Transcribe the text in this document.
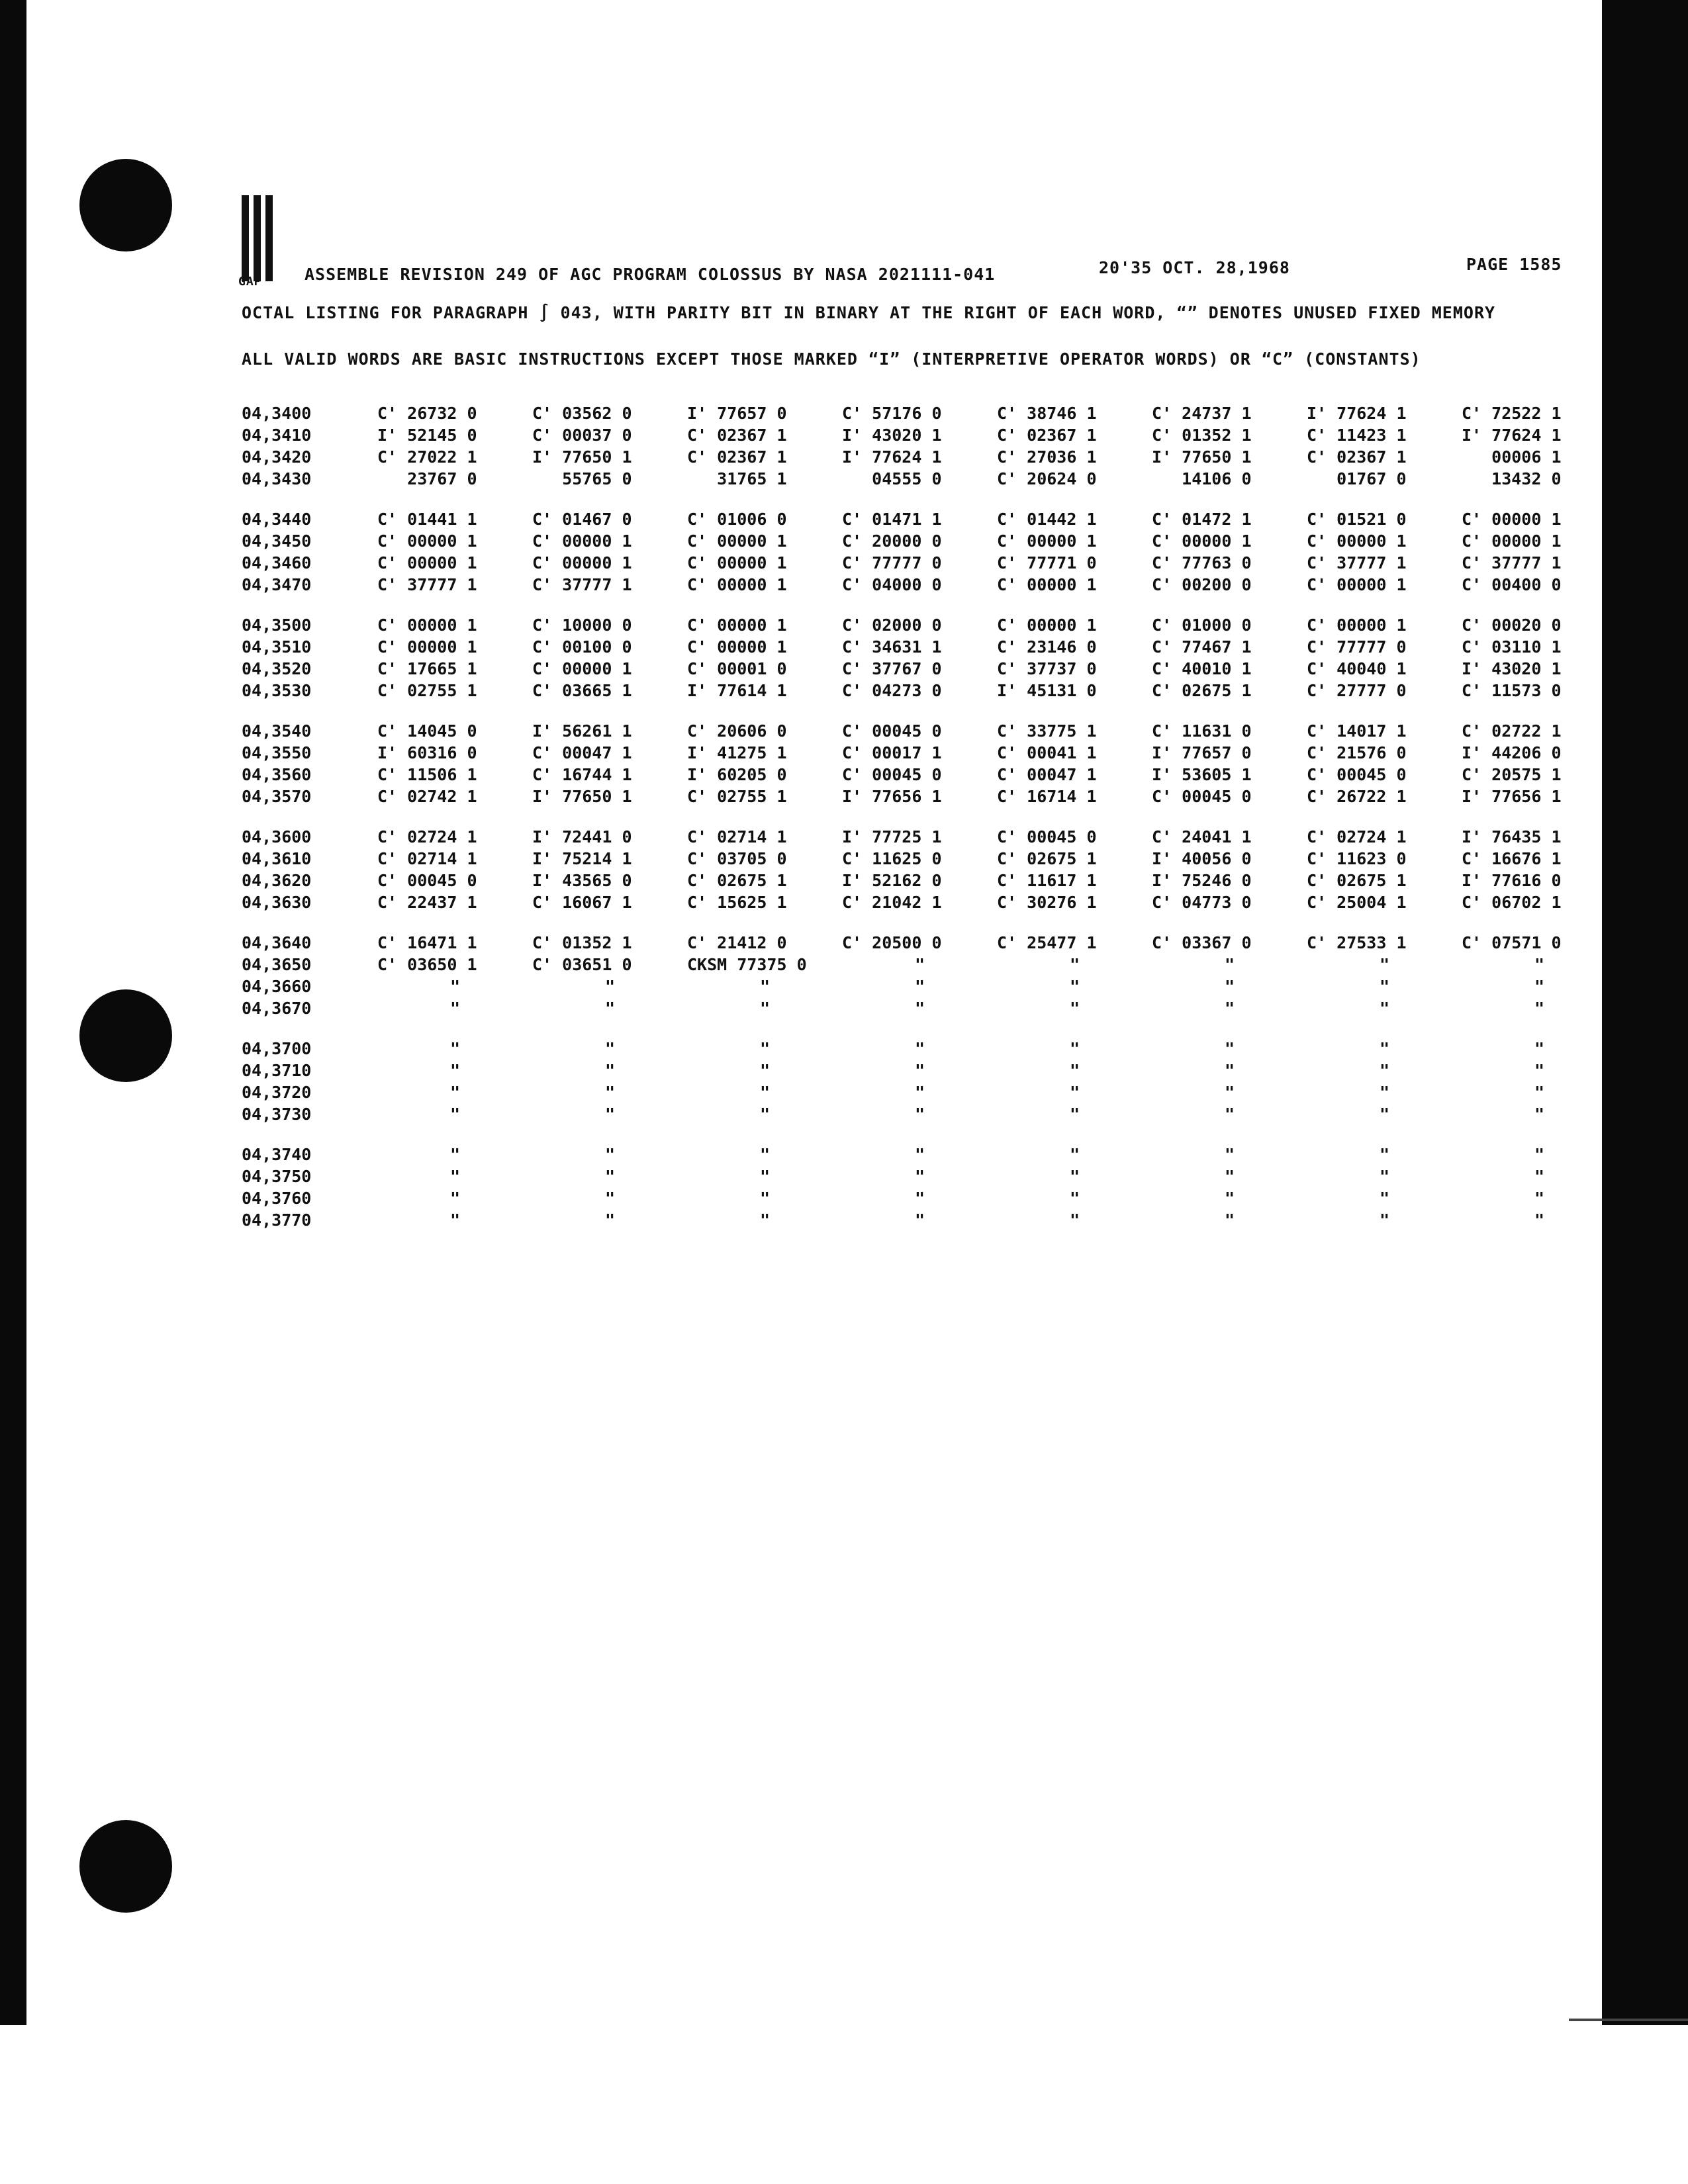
GAP	ASSEMBLE REVISION 249 OF AGC PROGRAM COLOSSUS BY NASA 2021111-041	20'35 OCT. 28,1968	PAGE 1585
OCTAL LISTING FOR PARAGRAPH ∫ 043, WITH PARITY BIT IN BINARY AT THE RIGHT OF EACH WORD, “” DENOTES UNUSED FIXED MEMORY
ALL VALID WORDS ARE BASIC INSTRUCTIONS EXCEPT THOSE MARKED “I” (INTERPRETIVE OPERATOR WORDS) OR “C” (CONSTANTS)
04,3400	C' 26732 0	C' 03562 0	I' 77657 0	C' 57176 0	C' 38746 1	C' 24737 1	I' 77624 1	C' 72522 1
04,3410	I' 52145 0	C' 00037 0	C' 02367 1	I' 43020 1	C' 02367 1	C' 01352 1	C' 11423 1	I' 77624 1
04,3420	C' 27022 1	I' 77650 1	C' 02367 1	I' 77624 1	C' 27036 1	I' 77650 1	C' 02367 1	00006 1
04,3430	23767 0	55765 0	31765 1	04555 0	C' 20624 0	14106 0	01767 0	13432 0
04,3440	C' 01441 1	C' 01467 0	C' 01006 0	C' 01471 1	C' 01442 1	C' 01472 1	C' 01521 0	C' 00000 1
04,3450	C' 00000 1	C' 00000 1	C' 00000 1	C' 20000 0	C' 00000 1	C' 00000 1	C' 00000 1	C' 00000 1
04,3460	C' 00000 1	C' 00000 1	C' 00000 1	C' 77777 0	C' 77771 0	C' 77763 0	C' 37777 1	C' 37777 1
04,3470	C' 37777 1	C' 37777 1	C' 00000 1	C' 04000 0	C' 00000 1	C' 00200 0	C' 00000 1	C' 00400 0
04,3500	C' 00000 1	C' 10000 0	C' 00000 1	C' 02000 0	C' 00000 1	C' 01000 0	C' 00000 1	C' 00020 0
04,3510	C' 00000 1	C' 00100 0	C' 00000 1	C' 34631 1	C' 23146 0	C' 77467 1	C' 77777 0	C' 03110 1
04,3520	C' 17665 1	C' 00000 1	C' 00001 0	C' 37767 0	C' 37737 0	C' 40010 1	C' 40040 1	I' 43020 1
04,3530	C' 02755 1	C' 03665 1	I' 77614 1	C' 04273 0	I' 45131 0	C' 02675 1	C' 27777 0	C' 11573 0
04,3540	C' 14045 0	I' 56261 1	C' 20606 0	C' 00045 0	C' 33775 1	C' 11631 0	C' 14017 1	C' 02722 1
04,3550	I' 60316 0	C' 00047 1	I' 41275 1	C' 00017 1	C' 00041 1	I' 77657 0	C' 21576 0	I' 44206 0
04,3560	C' 11506 1	C' 16744 1	I' 60205 0	C' 00045 0	C' 00047 1	I' 53605 1	C' 00045 0	C' 20575 1
04,3570	C' 02742 1	I' 77650 1	C' 02755 1	I' 77656 1	C' 16714 1	C' 00045 0	C' 26722 1	I' 77656 1
04,3600	C' 02724 1	I' 72441 0	C' 02714 1	I' 77725 1	C' 00045 0	C' 24041 1	C' 02724 1	I' 76435 1
04,3610	C' 02714 1	I' 75214 1	C' 03705 0	C' 11625 0	C' 02675 1	I' 40056 0	C' 11623 0	C' 16676 1
04,3620	C' 00045 0	I' 43565 0	C' 02675 1	I' 52162 0	C' 11617 1	I' 75246 0	C' 02675 1	I' 77616 0
04,3630	C' 22437 1	C' 16067 1	C' 15625 1	C' 21042 1	C' 30276 1	C' 04773 0	C' 25004 1	C' 06702 1
04,3640	C' 16471 1	C' 01352 1	C' 21412 0	C' 20500 0	C' 25477 1	C' 03367 0	C' 27533 1	C' 07571 0
04,3650	C' 03650 1	C' 03651 0	CKSM 77375 0	"	"	"	"	"
04,3660	"	"	"	"	"	"	"	"
04,3670	"	"	"	"	"	"	"	"
04,3700	"	"	"	"	"	"	"	"
04,3710	"	"	"	"	"	"	"	"
04,3720	"	"	"	"	"	"	"	"
04,3730	"	"	"	"	"	"	"	"
04,3740	"	"	"	"	"	"	"	"
04,3750	"	"	"	"	"	"	"	"
04,3760	"	"	"	"	"	"	"	"
04,3770	"	"	"	"	"	"	"	"
